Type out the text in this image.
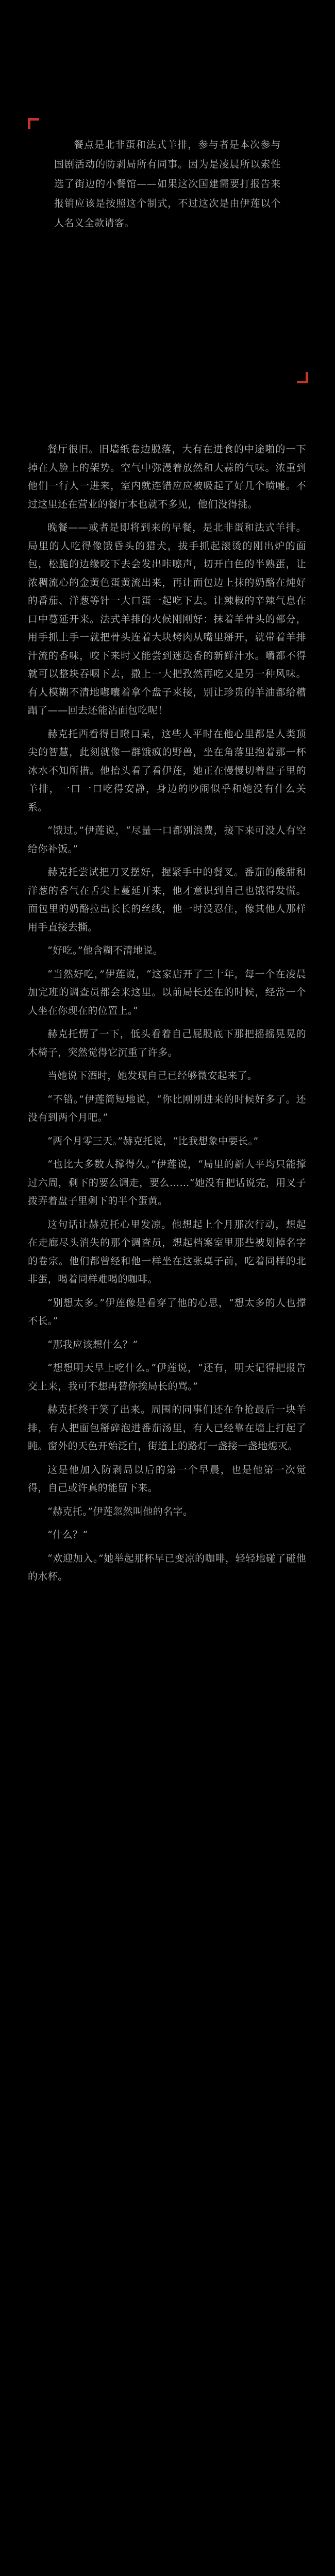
餐点是北非蛋和法式羊排，参与者是本次参与国剧活动的防剥局所有同事。因为是凌晨所以索性选了街边的小餐馆——如果这次国建需要打报告来报销应该是按照这个制式，不过这次是由伊莲以个人名义全款请客。

餐厅很旧。旧墙纸卷边脱落，大有在进食的中途啪的一下掉在人脸上的架势。空气中弥漫着放然和大蒜的气味。浓重到他们一行人一进来，室内就连错应应被吸起了好几个喷嚏。不过这里还在营业的餐厅本也就不多见，他们没得挑。

晚餐——或者是即将到来的早餐，是北非蛋和法式羊排。局里的人吃得像饿昏头的猎犬，拔手抓起滚烫的刚出炉的面包，松脆的边缘咬下去会发出咔嚓声，切开白色的半熟蛋，让浓稠流心的金黄色蛋黄流出来，再让面包边上抹的奶酪在炖好的番茄、洋葱等针一大口蛋一起吃下去。让辣椒的辛辣气息在口中蔓延开来。法式羊排的火候刚刚好：抹着羊骨头的部分，用手抓上手一就把骨头连着大块烤肉从嘴里掰开，就带着羊排汁流的香味，咬下来时又能尝到迷迭香的新鲜汁水。嚼都不得就可以整块吞咽下去，撒上一大把孜然再吃又是另一种风味。有人模糊不清地嘟囔着拿个盘子来接，别让珍贵的羊油都给糟蹋了——回去还能沾面包吃呢！

赫克托西看得目瞪口呆，这些人平时在他心里都是人类顶尖的智慧，此刻就像一群饿疯的野兽，坐在角落里抱着那一杯冰水不知所措。他抬头看了看伊莲，她正在慢慢切着盘子里的羊排，一口一口吃得安静，身边的吵闹似乎和她没有什么关系。

“饿过。”伊莲说，“尽量一口都别浪费，接下来可没人有空给你补饭。”

赫克托尝试把刀叉摆好，握紧手中的餐叉。番茄的酸甜和洋葱的香气在舌尖上蔓延开来，他才意识到自己也饿得发慌。面包里的奶酪拉出长长的丝线，他一时没忍住，像其他人那样用手直接去撕。

“好吃。”他含糊不清地说。

“当然好吃，”伊莲说，“这家店开了三十年，每一个在凌晨加完班的调查员都会来这里。以前局长还在的时候，经常一个人坐在你现在的位置上。”

赫克托愣了一下，低头看着自己屁股底下那把摇摇晃晃的木椅子，突然觉得它沉重了许多。

当她说下酒时，她发现自己已经够微安起来了。

“不错。”伊莲简短地说，“你比刚刚进来的时候好多了。还没有到两个月吧。”

“两个月零三天。”赫克托说，“比我想象中要长。”

“也比大多数人撑得久。”伊莲说，“局里的新人平均只能撑过六周，剩下的要么调走，要么……”她没有把话说完，用叉子拨弄着盘子里剩下的半个蛋黄。

这句话让赫克托心里发凉。他想起上个月那次行动，想起在走廊尽头消失的那个调查员，想起档案室里那些被划掉名字的卷宗。他们都曾经和他一样坐在这张桌子前，吃着同样的北非蛋，喝着同样难喝的咖啡。

“别想太多。”伊莲像是看穿了他的心思，“想太多的人也撑不长。”

“那我应该想什么？”

“想想明天早上吃什么。”伊莲说，“还有，明天记得把报告交上来，我可不想再替你挨局长的骂。”

赫克托终于笑了出来。周围的同事们还在争抢最后一块羊排，有人把面包掰碎泡进番茄汤里，有人已经靠在墙上打起了盹。窗外的天色开始泛白，街道上的路灯一盏接一盏地熄灭。

这是他加入防剥局以后的第一个早晨，也是他第一次觉得，自己或许真的能留下来。

“赫克托。”伊莲忽然叫他的名字。

“什么？”

“欢迎加入。”她举起那杯早已变凉的咖啡，轻轻地碰了碰他的水杯。
